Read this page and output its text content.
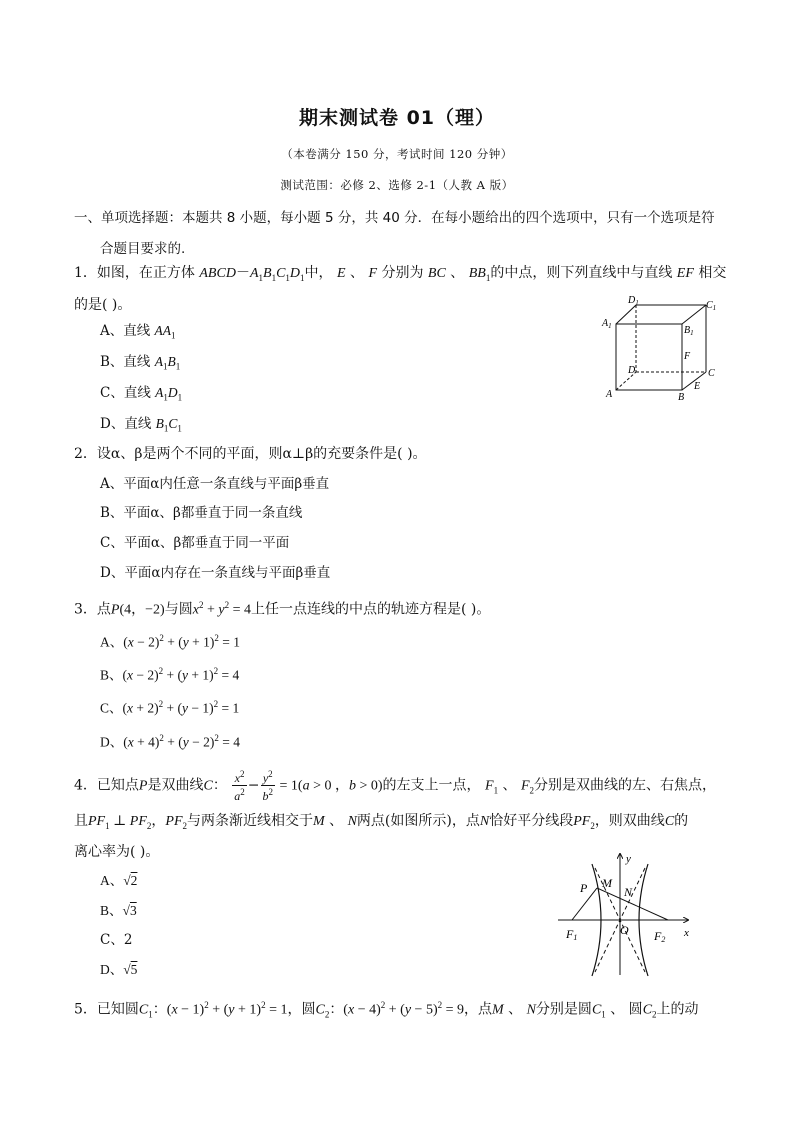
期末测试卷 01（理）
（本卷满分 150 分，考试时间 120 分钟）
测试范围：必修 2、选修 2-1（人教 A 版）
一、单项选择题：本题共 8 小题，每小题 5 分，共 40 分．在每小题给出的四个选项中，只有一个选项是符
合题目要求的.
1．如图，在正方体 $ABCD-A_1B_1C_1D_1$中， E 、 F 分别为 BC 、 $BB_1$的中点，则下列直线中与直线 EF 相交
的是( )。
A、直线 $AA_1$
B、直线 $A_1B_1$
C、直线 $A_1D_1$
D、直线 $B_1C_1$
$D_1$	$C_1$
$A_1$	$B_1$
F
D	C
A
E
B
2．设α、β是两个不同的平面，则α⊥β的充要条件是( )。
A、平面α内任意一条直线与平面β垂直
B、平面α、β都垂直于同一条直线
C、平面α、β都垂直于同一平面
D、平面α内存在一条直线与平面β垂直
3．点P(4，−2)与圆$x^2 + y^2 = 4$上任一点连线的中点的轨迹方程是( )。
A、$(x - 2)^2 + (y + 1)^2 = 1$
B、$(x - 2)^2 + (y + 1)^2 = 4$
C、$(x + 2)^2 + (y - 1)^2 = 1$
D、$(x + 4)^2 + (y - 2)^2 = 4$
4．已知点P是双曲线C： $\frac{x^2}{a^2} - \frac{y^2}{b^2} = 1(a > 0$ ，b > 0)的左支上一点， $F_1$ 、 $F_2$分别是双曲线的左、右焦点，
且$PF_1$ ⊥ $PF_2$，$PF_2$与两条渐近线相交于M 、 N两点(如图所示)，点N恰好平分线段$PF_2$，则双曲线C的
离心率为( )。
A、√2
B、√3
C、2
D、√5
y
P M
N
F1
O F2
x
5．已知圆$C_1$：$(x - 1)^2 + (y + 1)^2 = 1$，圆$C_2$：$(x - 4)^2 + (y - 5)^2 = 9$，点M 、 N分别是圆$C_1$ 、 圆$C_2$上的动
